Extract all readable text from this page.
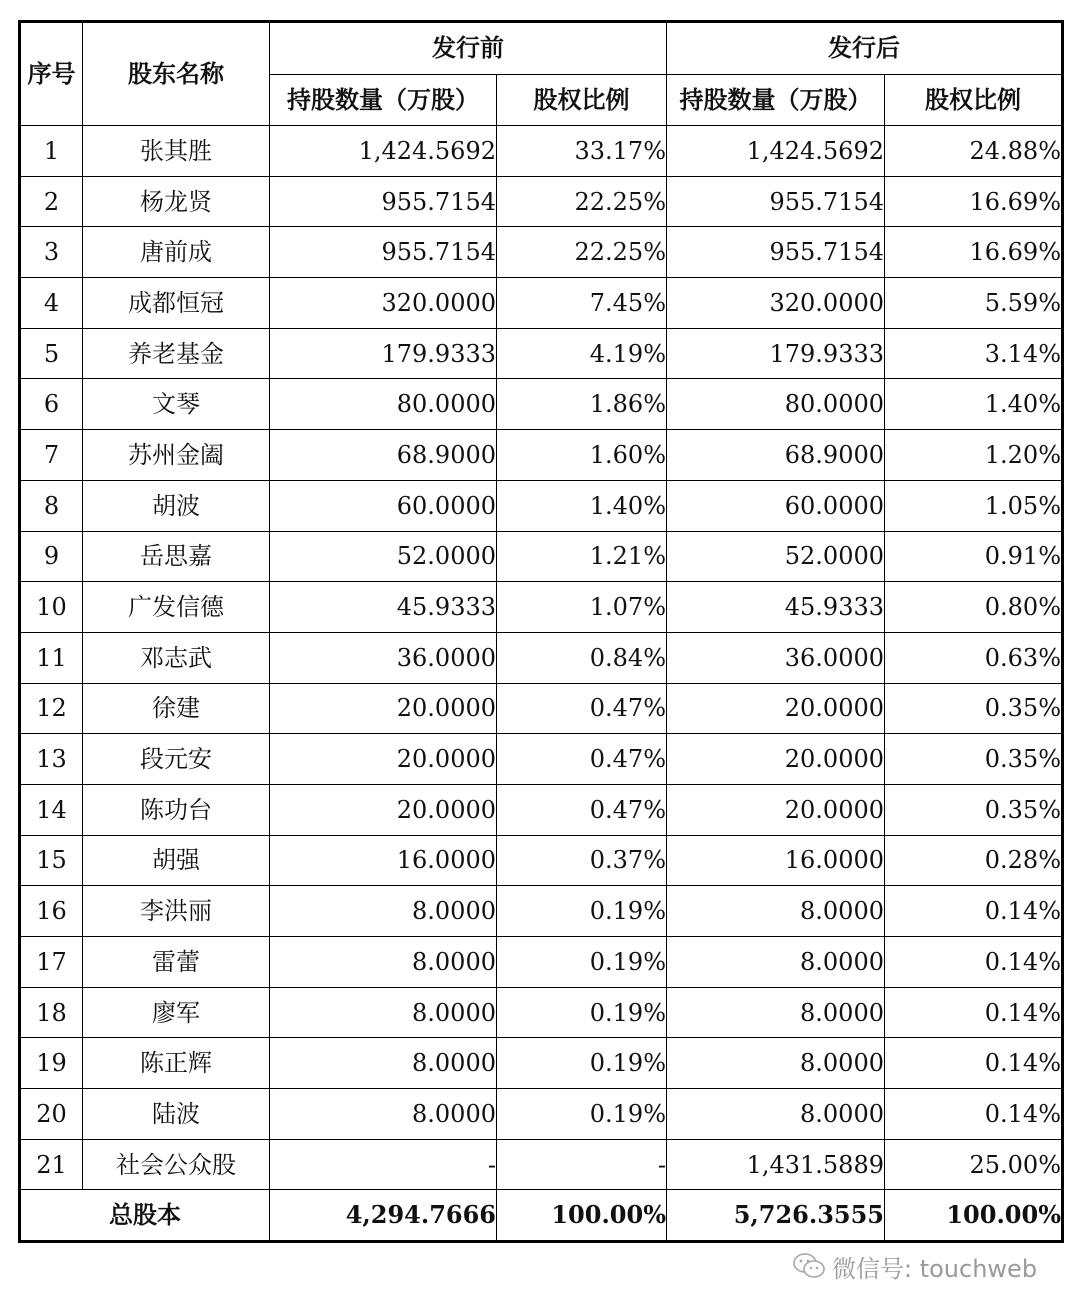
序号	股东名称	发行前		发行后	
		持股数量（万股）	股权比例	持股数量（万股）	股权比例
1	张其胜	1,424.5692	33.17%	1,424.5692	24.88%
2	杨龙贤	955.7154	22.25%	955.7154	16.69%
3	唐前成	955.7154	22.25%	955.7154	16.69%
4	成都恒冠	320.0000	7.45%	320.0000	5.59%
5	养老基金	179.9333	4.19%	179.9333	3.14%
6	文琴	80.0000	1.86%	80.0000	1.40%
7	苏州金阖	68.9000	1.60%	68.9000	1.20%
8	胡波	60.0000	1.40%	60.0000	1.05%
9	岳思嘉	52.0000	1.21%	52.0000	0.91%
10	广发信德	45.9333	1.07%	45.9333	0.80%
11	邓志武	36.0000	0.84%	36.0000	0.63%
12	徐建	20.0000	0.47%	20.0000	0.35%
13	段元安	20.0000	0.47%	20.0000	0.35%
14	陈功台	20.0000	0.47%	20.0000	0.35%
15	胡强	16.0000	0.37%	16.0000	0.28%
16	李洪丽	8.0000	0.19%	8.0000	0.14%
17	雷蕾	8.0000	0.19%	8.0000	0.14%
18	廖军	8.0000	0.19%	8.0000	0.14%
19	陈正辉	8.0000	0.19%	8.0000	0.14%
20	陆波	8.0000	0.19%	8.0000	0.14%
21	社会公众股	-	-	1,431.5889	25.00%
总股本		4,294.7666	100.00%	5,726.3555	100.00%
微信号: touchweb
